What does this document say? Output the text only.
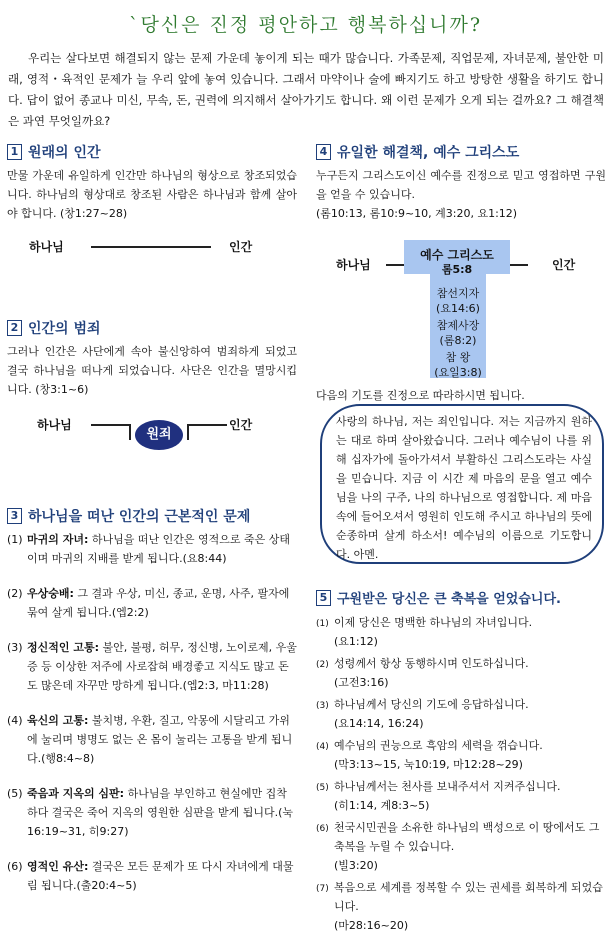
`당신은 진정 평안하고 행복하십니까?
우리는 살다보면 해결되지 않는 문제 가운데 놓이게 되는 때가 많습니다. 가족문제, 직업문제, 자녀문제, 불안한 미래, 영적・육적인 문제가 늘 우리 앞에 놓여 있습니다. 그래서 마약이나 술에 빠지기도 하고 방탕한 생활을 하기도 합니다. 답이 없어 종교나 미신, 무속, 돈, 권력에 의지해서 살아가기도 합니다. 왜 이런 문제가 오게 되는 걸까요? 그 해결책은 과연 무엇일까요?
1 원래의 인간
만물 가운데 유일하게 인간만 하나님의 형상으로 창조되었습니다. 하나님의 형상대로 창조된 사람은 하나님과 함께 살아야 합니다. (창1:27~28)
하나님	인간
2 인간의 범죄
그러나 인간은 사단에게 속아 불신앙하여 범죄하게 되었고 결국 하나님을 떠나게 되었습니다. 사단은 인간을 멸망시킵니다. (창3:1~6)
하나님
원죄
인간
3 하나님을 떠난 인간의 근본적인 문제
(1) 마귀의 자녀: 하나님을 떠난 인간은 영적으로 죽은 상태이며 마귀의 지배를 받게 됩니다.(요8:44)
(2) 우상숭배: 그 결과 우상, 미신, 종교, 운명, 사주, 팔자에 묶여 살게 됩니다.(엡2:2)
(3) 정신적인 고통: 불안, 불평, 허무, 정신병, 노이로제, 우울증 등 이상한 저주에 사로잡혀 배경좋고 지식도 많고 돈도 많은데 자꾸만 망하게 됩니다.(엡2:3, 마11:28)
(4) 육신의 고통: 불치병, 우환, 질고, 악몽에 시달리고 가위에 눌리며 병명도 없는 온 몸이 눌리는 고통을 받게 됩니다.(행8:4~8)
(5) 죽음과 지옥의 심판: 하나님을 부인하고 현실에만 집착하다 결국은 죽어 지옥의 영원한 심판을 받게 됩니다.(눅16:19~31, 히9:27)
(6) 영적인 유산: 결국은 모든 문제가 또 다시 자녀에게 대물림 됩니다.(출20:4~5)
4 유일한 해결책, 예수 그리스도
누구든지 그리스도이신 예수를 진정으로 믿고 영접하면 구원을 얻을 수 있습니다.
(롬10:13, 롬10:9~10, 계3:20, 요1:12)
하나님	인간
예수 그리스도
롬5:8
참선지자
(요14:6)
참제사장
(롬8:2)
참 왕
(요일3:8)
다음의 기도를 진정으로 따라하시면 됩니다.
사랑의 하나님, 저는 죄인입니다. 저는 지금까지 원하는 대로 하며 살아왔습니다. 그러나 예수님이 나를 위해 십자가에 돌아가셔서 부활하신 그리스도라는 사실을 믿습니다. 지금 이 시간 제 마음의 문을 열고 예수님을 나의 구주, 나의 하나님으로 영접합니다. 제 마음 속에 들어오셔서 영원히 인도해 주시고 하나님의 뜻에 순종하며 살게 하소서! 예수님의 이름으로 기도합니다. 아멘.
5 구원받은 당신은 큰 축복을 얻었습니다.
(1) 이제 당신은 명백한 하나님의 자녀입니다.
(요1:12)
(2) 성령께서 항상 동행하시며 인도하십니다.
(고전3:16)
(3) 하나님께서 당신의 기도에 응답하십니다.
(요14:14, 16:24)
(4) 예수님의 권능으로 흑암의 세력을 꺾습니다.
(막3:13~15, 눅10:19, 마12:28~29)
(5) 하나님께서는 천사를 보내주셔서 지켜주십니다.
(히1:14, 계8:3~5)
(6) 천국시민권을 소유한 하나님의 백성으로 이 땅에서도 그 축복을 누릴 수 있습니다.
(빌3:20)
(7) 복음으로 세계를 정복할 수 있는 권세를 회복하게 되었습니다.
(마28:16~20)
